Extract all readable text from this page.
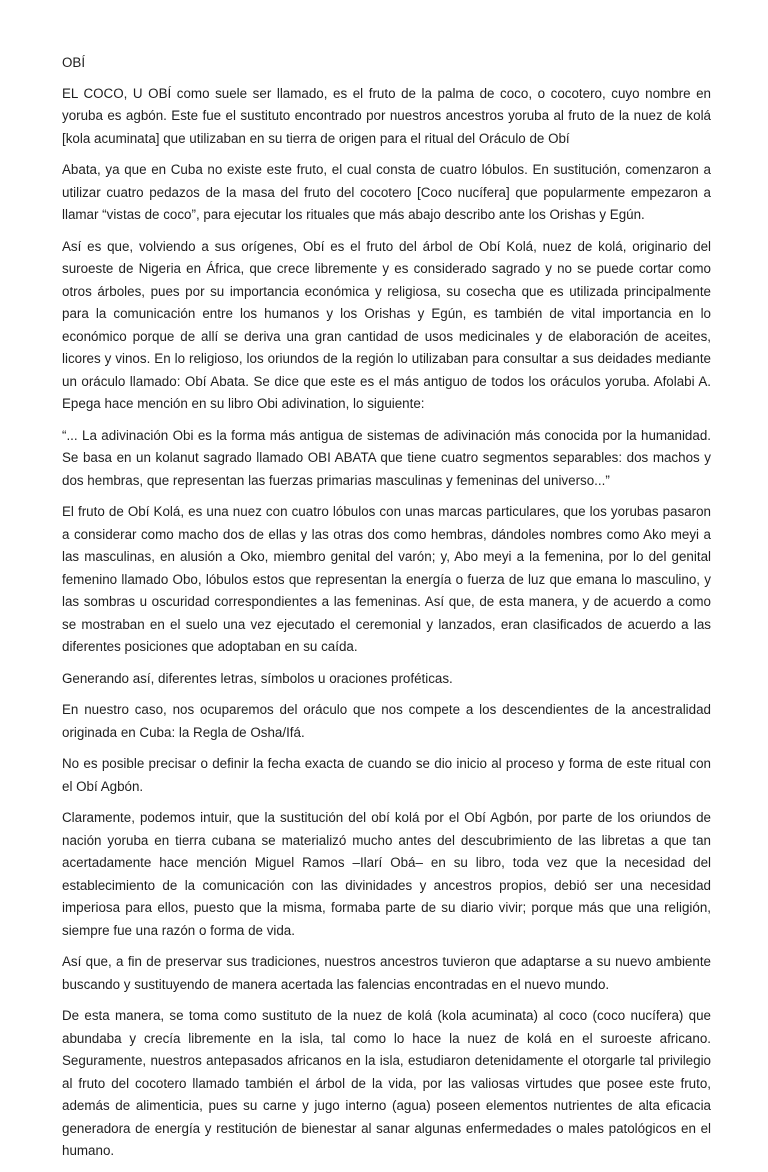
OBÍ

EL COCO, U OBÍ como suele ser llamado, es el fruto de la palma de coco, o cocotero, cuyo nombre en yoruba es agbón. Este fue el sustituto encontrado por nuestros ancestros yoruba al fruto de la nuez de kolá [kola acuminata] que utilizaban en su tierra de origen para el ritual del Oráculo de Obí

Abata, ya que en Cuba no existe este fruto, el cual consta de cuatro lóbulos. En sustitución, comenzaron a utilizar cuatro pedazos de la masa del fruto del cocotero [Coco nucífera] que popularmente empezaron a llamar “vistas de coco”, para ejecutar los rituales que más abajo describo ante los Orishas y Egún.

Así es que, volviendo a sus orígenes, Obí es el fruto del árbol de Obí Kolá, nuez de kolá, originario del suroeste de Nigeria en África, que crece libremente y es considerado sagrado y no se puede cortar como otros árboles, pues por su importancia económica y religiosa, su cosecha que es utilizada principalmente para la comunicación entre los humanos y los Orishas y Egún, es también de vital importancia en lo económico porque de allí se deriva una gran cantidad de usos medicinales y de elaboración de aceites, licores y vinos. En lo religioso, los oriundos de la región lo utilizaban para consultar a sus deidades mediante un oráculo llamado: Obí Abata. Se dice que este es el más antiguo de todos los oráculos yoruba. Afolabi A. Epega hace mención en su libro Obi adivination, lo siguiente:

“... La adivinación Obi es la forma más antigua de sistemas de adivinación más conocida por la humanidad. Se basa en un kolanut sagrado llamado OBI ABATA que tiene cuatro segmentos separables: dos machos y dos hembras, que representan las fuerzas primarias masculinas y femeninas del universo...”

El fruto de Obí Kolá, es una nuez con cuatro lóbulos con unas marcas particulares, que los yorubas pasaron a considerar como macho dos de ellas y las otras dos como hembras, dándoles nombres como Ako meyi a las masculinas, en alusión a Oko, miembro genital del varón; y, Abo meyi a la femenina, por lo del genital femenino llamado Obo, lóbulos estos que representan la energía o fuerza de luz que emana lo masculino, y las sombras u oscuridad correspondientes a las femeninas. Así que, de esta manera, y de acuerdo a como se mostraban en el suelo una vez ejecutado el ceremonial y lanzados, eran clasificados de acuerdo a las diferentes posiciones que adoptaban en su caída.

Generando así, diferentes letras, símbolos u oraciones proféticas.

En nuestro caso, nos ocuparemos del oráculo que nos compete a los descendientes de la ancestralidad originada en Cuba: la Regla de Osha/Ifá.

No es posible precisar o definir la fecha exacta de cuando se dio inicio al proceso y forma de este ritual con el Obí Agbón.

Claramente, podemos intuir, que la sustitución del obí kolá por el Obí Agbón, por parte de los oriundos de nación yoruba en tierra cubana se materializó mucho antes del descubrimiento de las libretas a que tan acertadamente hace mención Miguel Ramos –Ilarí Obá– en su libro, toda vez que la necesidad del establecimiento de la comunicación con las divinidades y ancestros propios, debió ser una necesidad imperiosa para ellos, puesto que la misma, formaba parte de su diario vivir; porque más que una religión, siempre fue una razón o forma de vida.

Así que, a fin de preservar sus tradiciones, nuestros ancestros tuvieron que adaptarse a su nuevo ambiente buscando y sustituyendo de manera acertada las falencias encontradas en el nuevo mundo.

De esta manera, se toma como sustituto de la nuez de kolá (kola acuminata) al coco (coco nucífera) que abundaba y crecía libremente en la isla, tal como lo hace la nuez de kolá en el suroeste africano. Seguramente, nuestros antepasados africanos en la isla, estudiaron detenidamente el otorgarle tal privilegio al fruto del cocotero llamado también el árbol de la vida, por las valiosas virtudes que posee este fruto, además de alimenticia, pues su carne y jugo interno (agua) poseen elementos nutrientes de alta eficacia generadora de energía y restitución de bienestar al sanar algunas enfermedades o males patológicos en el humano.
